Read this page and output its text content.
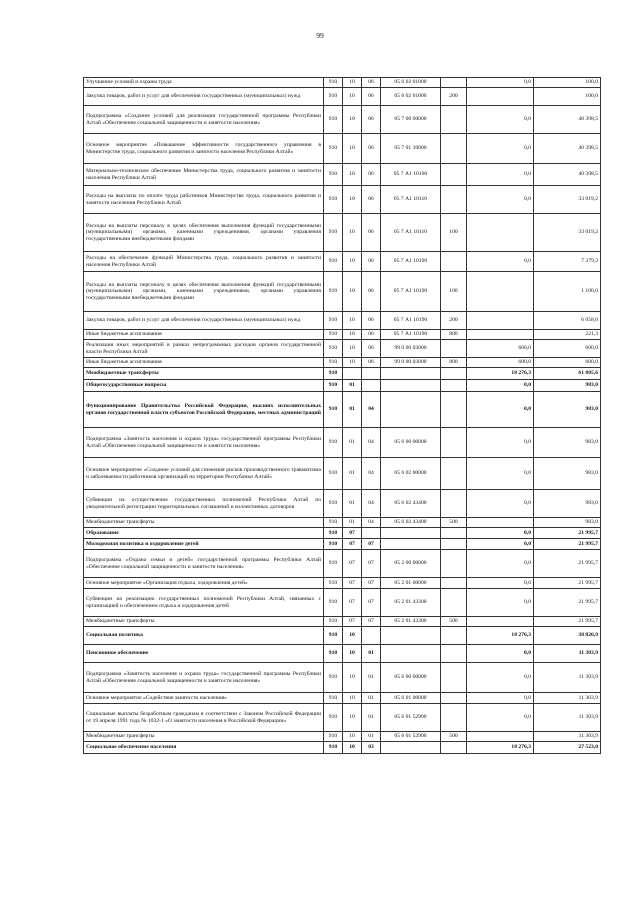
99
Улучшение условий и охраны труда	910	10	06	05 6 02 01000		0,0	100,0
Закупка товаров, работ и услуг для обеспечения государственных (муниципальных) нужд	910	10	06	05 6 02 01000	200		100,0
Подпрограмма «Создание условий для реализации государственной программы Республики Алтай «Обеспечение социальной защищенности и занятости населения»	910	10	06	05 7 00 00000		0,0	40 398,5
Основное мероприятие «Повышение эффективности государственного управления в Министерстве труда, социального развития и занятости населения Республики Алтай»	910	10	06	05 7 01 10000		0,0	40 398,5
Материально-техническое обеспечение Министерства труда, социального развития и занятости населения Республики Алтай	910	10	06	05 7 А1 10100		0,0	40 398,5
Расходы на выплаты по оплате труда работников Министерства труда, социального развития и занятости населения Республики Алтай	910	10	06	05 7 А1 10110		0,0	33 019,2
Расходы на выплаты персоналу в целях обеспечения выполнения функций государственными (муниципальными) органами, казенными учреждениями, органами управления государственными внебюджетными фондами	910	10	06	05 7 А1 10110	100		33 019,2
Расходы на обеспечение функций Министерства труда, социального развития и занятости населения Республики Алтай	910	10	06	05 7 А1 10190		0,0	7 379,3
Расходы на выплаты персоналу в целях обеспечения выполнения функций государственными (муниципальными) органами, казенными учреждениями, органами управления государственными внебюджетными фондами	910	10	06	05 7 А1 10190	100		1 100,0
Закупка товаров, работ и услуг для обеспечения государственных (муниципальных) нужд	910	10	06	05 7 А1 10190	200		6 058,0
Иные бюджетные ассигнования	910	10	06	05 7 А1 10190	800		221,3
Реализация иных мероприятий в рамках непрограммных расходов органов государственной власти Республики Алтай	910	10	06	99 0 00 03000		600,0	600,0
Иные бюджетные ассигнования	910	10	06	99 0 00 03000	800	600,0	600,0
Межбюджетные трансферты	910					18 276,3	61 805,6
Общегосударственные вопросы	910	01				0,0	983,0
Функционирование Правительства Российской Федерации, высших исполнительных органов государственной власти субъектов Российской Федерации, местных администраций	910	01	04			0,0	983,0
Подпрограмма «Занятость населения и охрана труда» государственной программы Республики Алтай «Обеспечение социальной защищенности и занятости населения»	910	01	04	05 6 00 00000		0,0	983,0
Основное мероприятие «Создание условий для снижения рисков производственного травматизма и заболеваемости работников организаций на территории Республики Алтай»	910	01	04	05 6 02 00000		0,0	983,0
Субвенции на осуществление государственных полномочий Республики Алтай по уведомительной регистрации территориальных соглашений и коллективных договоров	910	01	04	05 6 02 43400		0,0	983,0
Межбюджетные трансферты	910	01	04	05 6 02 43400	500		983,0
Образование	910	07				0,0	21 995,7
Молодежная политика и оздоровление детей	910	07	07			0,0	21 995,7
Подпрограмма «Охрана семьи и детей» государственной программы Республики Алтай «Обеспечение социальной защищенности и занятости населения»	910	07	07	05 2 00 00000		0,0	21 995,7
Основное мероприятие «Организация отдыха, оздоровления детей»	910	07	07	05 2 01 00000		0,0	21 995,7
Субвенции на реализацию государственных полномочий Республики Алтай, связанных с организацией и обеспечением отдыха и оздоровления детей	910	07	07	05 2 01 43300		0,0	21 995,7
Межбюджетные трансферты	910	07	07	05 2 01 43300	500		21 995,7
Социальная политика	910	10				18 276,3	38 826,9
Пенсионное обеспечение	910	10	01			0,0	11 303,9
Подпрограмма «Занятость населения и охрана труда» государственной программы Республики Алтай «Обеспечение социальной защищенности и занятости населения»	910	10	01	05 6 00 00000		0,0	11 303,9
Основное мероприятие «Содействие занятости населения»	910	10	01	05 6 01 00000		0,0	11 303,9
Социальные выплаты безработным гражданам в соответствии с Законом Российской Федерации от 19 апреля 1991 года № 1032-1 «О занятости населения в Российской Федерации»	910	10	01	05 6 01 52900		0,0	11 303,9
Межбюджетные трансферты	910	10	01	05 6 01 52900	500		11 303,9
Социальное обеспечение населения	910	10	03			18 276,3	27 523,0
